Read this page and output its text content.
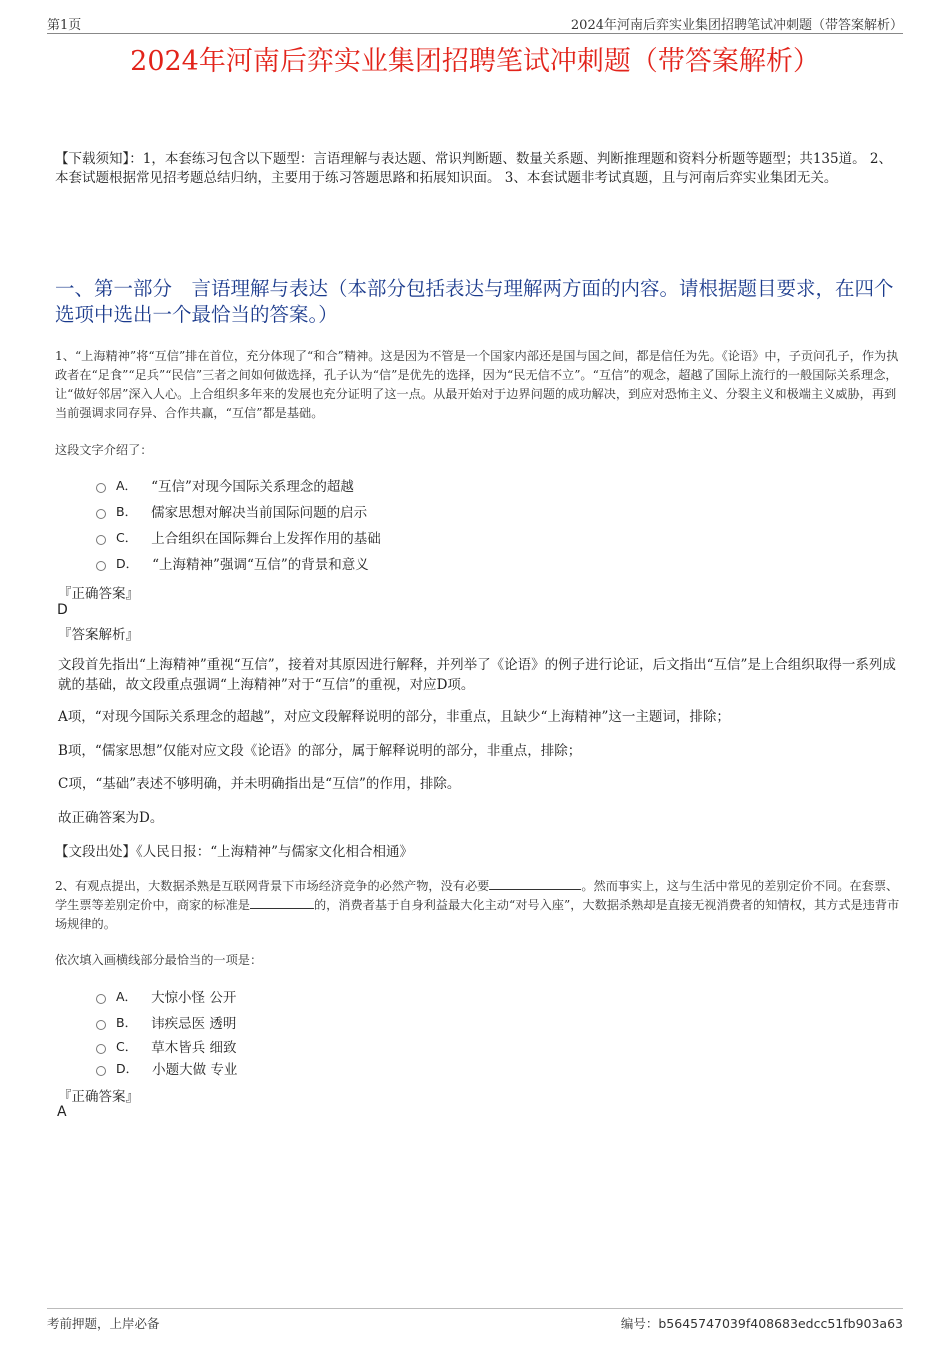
第1页	2024年河南后弈实业集团招聘笔试冲刺题（带答案解析）
2024年河南后弈实业集团招聘笔试冲刺题（带答案解析）
【下载须知】：1，本套练习包含以下题型：言语理解与表达题、常识判断题、数量关系题、判断推理题和资料分析题等题型；共135道。 2、本套试题根据常见招考题总结归纳，主要用于练习答题思路和拓展知识面。 3、本套试题非考试真题，且与河南后弈实业集团无关。
一、第一部分　言语理解与表达（本部分包括表达与理解两方面的内容。请根据题目要求，在四个选项中选出一个最恰当的答案。）
1、“上海精神”将“互信”排在首位，充分体现了“和合”精神。这是因为不管是一个国家内部还是国与国之间，都是信任为先。《论语》中，子贡问孔子，作为执政者在“足食”“足兵”“民信”三者之间如何做选择，孔子认为“信”是优先的选择，因为“民无信不立”。“互信”的观念，超越了国际上流行的一般国际关系理念，让“做好邻居”深入人心。上合组织多年来的发展也充分证明了这一点。从最开始对于边界问题的成功解决，到应对恐怖主义、分裂主义和极端主义威胁，再到当前强调求同存异、合作共赢，“互信”都是基础。
这段文字介绍了：
A． “互信”对现今国际关系理念的超越
B． 儒家思想对解决当前国际问题的启示
C． 上合组织在国际舞台上发挥作用的基础
D． “上海精神”强调“互信”的背景和意义
『正确答案』
D
『答案解析』
文段首先指出“上海精神”重视“互信”，接着对其原因进行解释，并列举了《论语》的例子进行论证，后文指出“互信”是上合组织取得一系列成就的基础，故文段重点强调“上海精神”对于“互信”的重视，对应D项。
A项，“对现今国际关系理念的超越”，对应文段解释说明的部分，非重点，且缺少“上海精神”这一主题词，排除；
B项，“儒家思想”仅能对应文段《论语》的部分，属于解释说明的部分，非重点，排除；
C项，“基础”表述不够明确，并未明确指出是“互信”的作用，排除。
故正确答案为D。
【文段出处】《人民日报：“上海精神”与儒家文化相合相通》
2、有观点提出，大数据杀熟是互联网背景下市场经济竞争的必然产物，没有必要	。然而事实上，这与生活中常见的差别定价不同。在套票、学生票等差别定价中，商家的标准是	的，消费者基于自身利益最大化主动“对号入座”，大数据杀熟却是直接无视消费者的知情权，其方式是违背市场规律的。
依次填入画横线部分最恰当的一项是：
A． 大惊小怪 公开
B． 讳疾忌医 透明
C． 草木皆兵 细致
D． 小题大做 专业
『正确答案』
A
考前押题，上岸必备	编号：b5645747039f408683edcc51fb903a63
